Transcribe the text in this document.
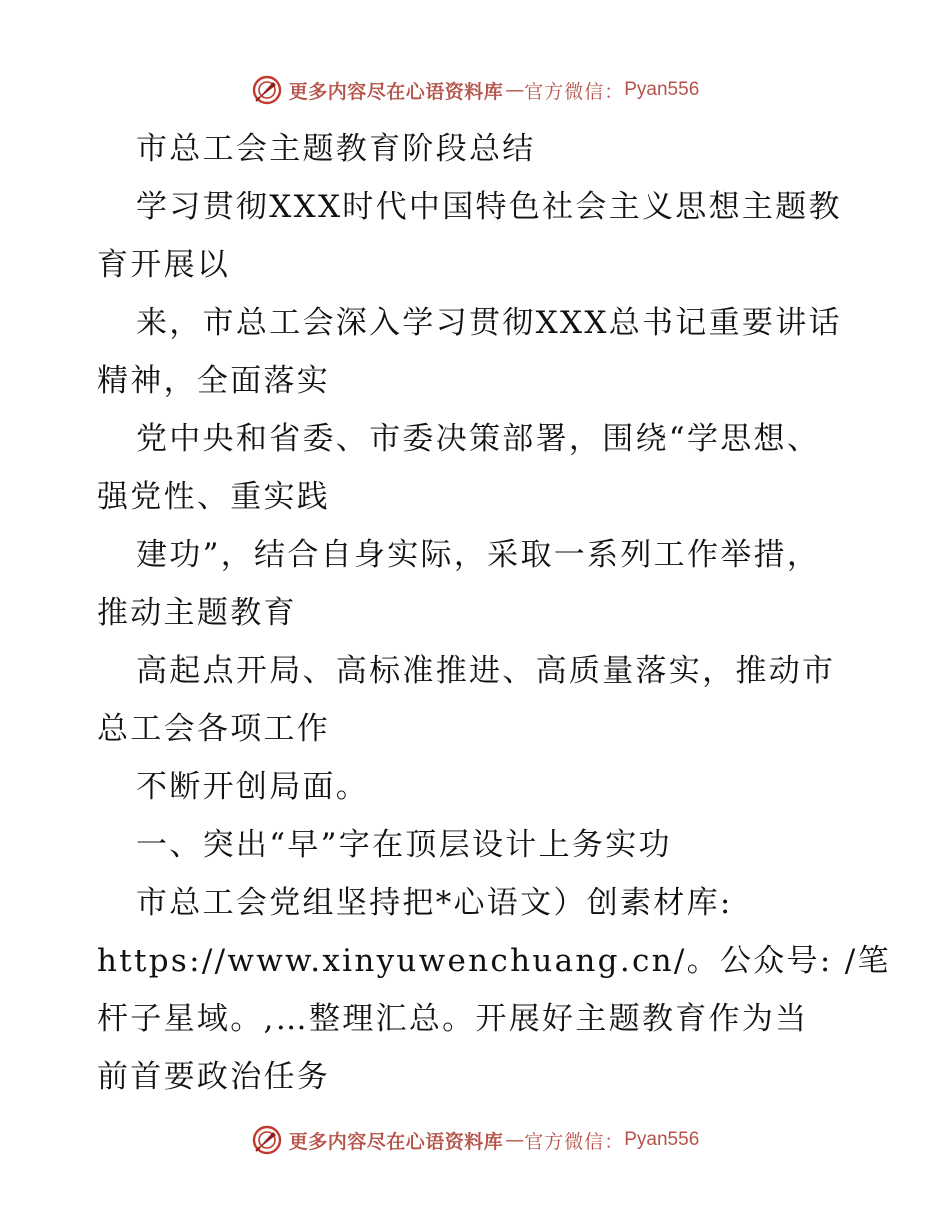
更多内容尽在心语资料库 — 官方微信： Pyan556
市总工会主题教育阶段总结
学习贯彻XXX时代中国特色社会主义思想主题教
育开展以
来，市总工会深入学习贯彻XXX总书记重要讲话
精神，全面落实
党中央和省委、市委决策部署，围绕“学思想、
强党性、重实践
建功”，结合自身实际，采取一系列工作举措，
推动主题教育
高起点开局、高标准推进、高质量落实，推动市
总工会各项工作
不断开创局面。
一、突出“早”字在顶层设计上务实功
市总工会党组坚持把*心语文）创素材库:
https://www.xinyuwenchuang.cn/。公众号: /笔
杆子星域。,…整理汇总。开展好主题教育作为当
前首要政治任务
更多内容尽在心语资料库 — 官方微信： Pyan556
